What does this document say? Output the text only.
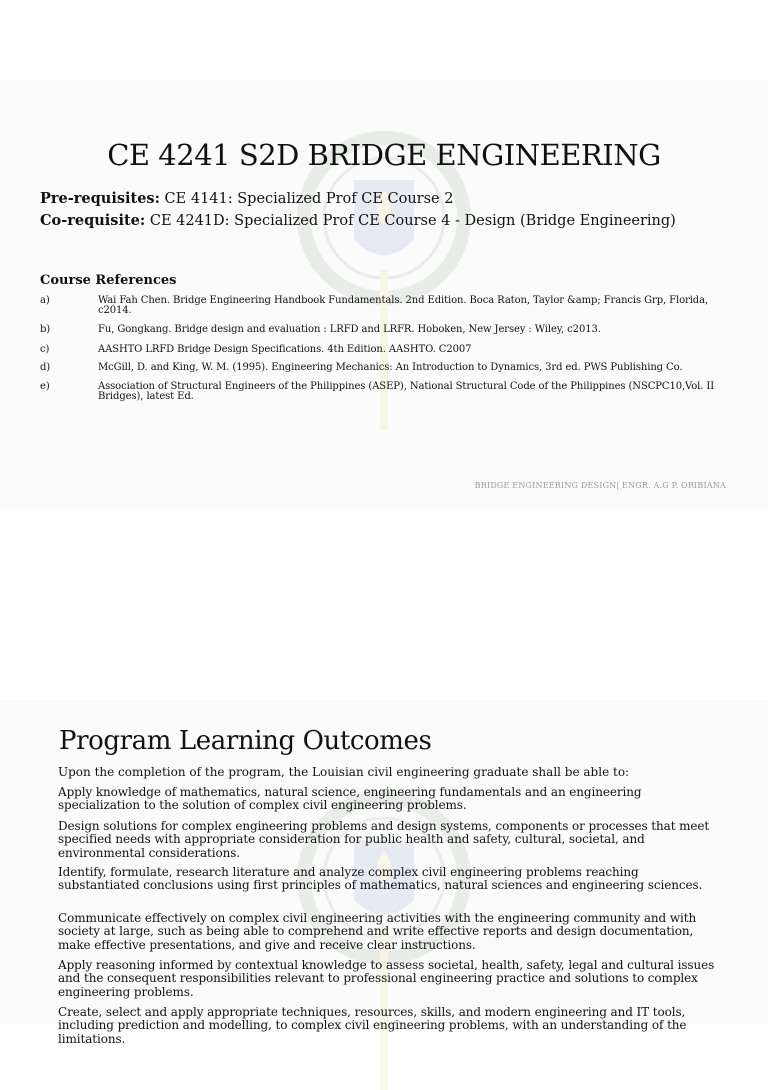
CE 4241 S2D BRIDGE ENGINEERING
Pre-requisites: CE 4141: Specialized Prof CE Course 2
Co-requisite: CE 4241D: Specialized Prof CE Course 4 - Design (Bridge Engineering)
Course References
a)	Wai Fah Chen. Bridge Engineering Handbook Fundamentals. 2nd Edition. Boca Raton, Taylor &amp; Francis Grp, Florida, c2014.
b)	Fu, Gongkang. Bridge design and evaluation : LRFD and LRFR. Hoboken, New Jersey : Wiley, c2013.
c)	AASHTO LRFD Bridge Design Specifications. 4th Edition. AASHTO. C2007
d)	McGill, D. and King, W. M. (1995). Engineering Mechanics: An Introduction to Dynamics, 3rd ed. PWS Publishing Co.
e)	Association of Structural Engineers of the Philippines (ASEP), National Structural Code of the Philippines (NSCPC10,Vol. II Bridges), latest Ed.
BRIDGE ENGINEERING DESIGN| ENGR. A.G P. ORIBIANA
Program Learning Outcomes
Upon the completion of the program, the Louisian civil engineering graduate shall be able to:
Apply knowledge of mathematics, natural science, engineering fundamentals and an engineering specialization to the solution of complex civil engineering problems.
Design solutions for complex engineering problems and design systems, components or processes that meet specified needs with appropriate consideration for public health and safety, cultural, societal, and environmental considerations.
Identify, formulate, research literature and analyze complex civil engineering problems reaching substantiated conclusions using first principles of mathematics, natural sciences and engineering sciences.
Communicate effectively on complex civil engineering activities with the engineering community and with society at large, such as being able to comprehend and write effective reports and design documentation, make effective presentations, and give and receive clear instructions.
Apply reasoning informed by contextual knowledge to assess societal, health, safety, legal and cultural issues and the consequent responsibilities relevant to professional engineering practice and solutions to complex engineering problems.
Create, select and apply appropriate techniques, resources, skills, and modern engineering and IT tools, including prediction and modelling, to complex civil engineering problems, with an understanding of the limitations.
